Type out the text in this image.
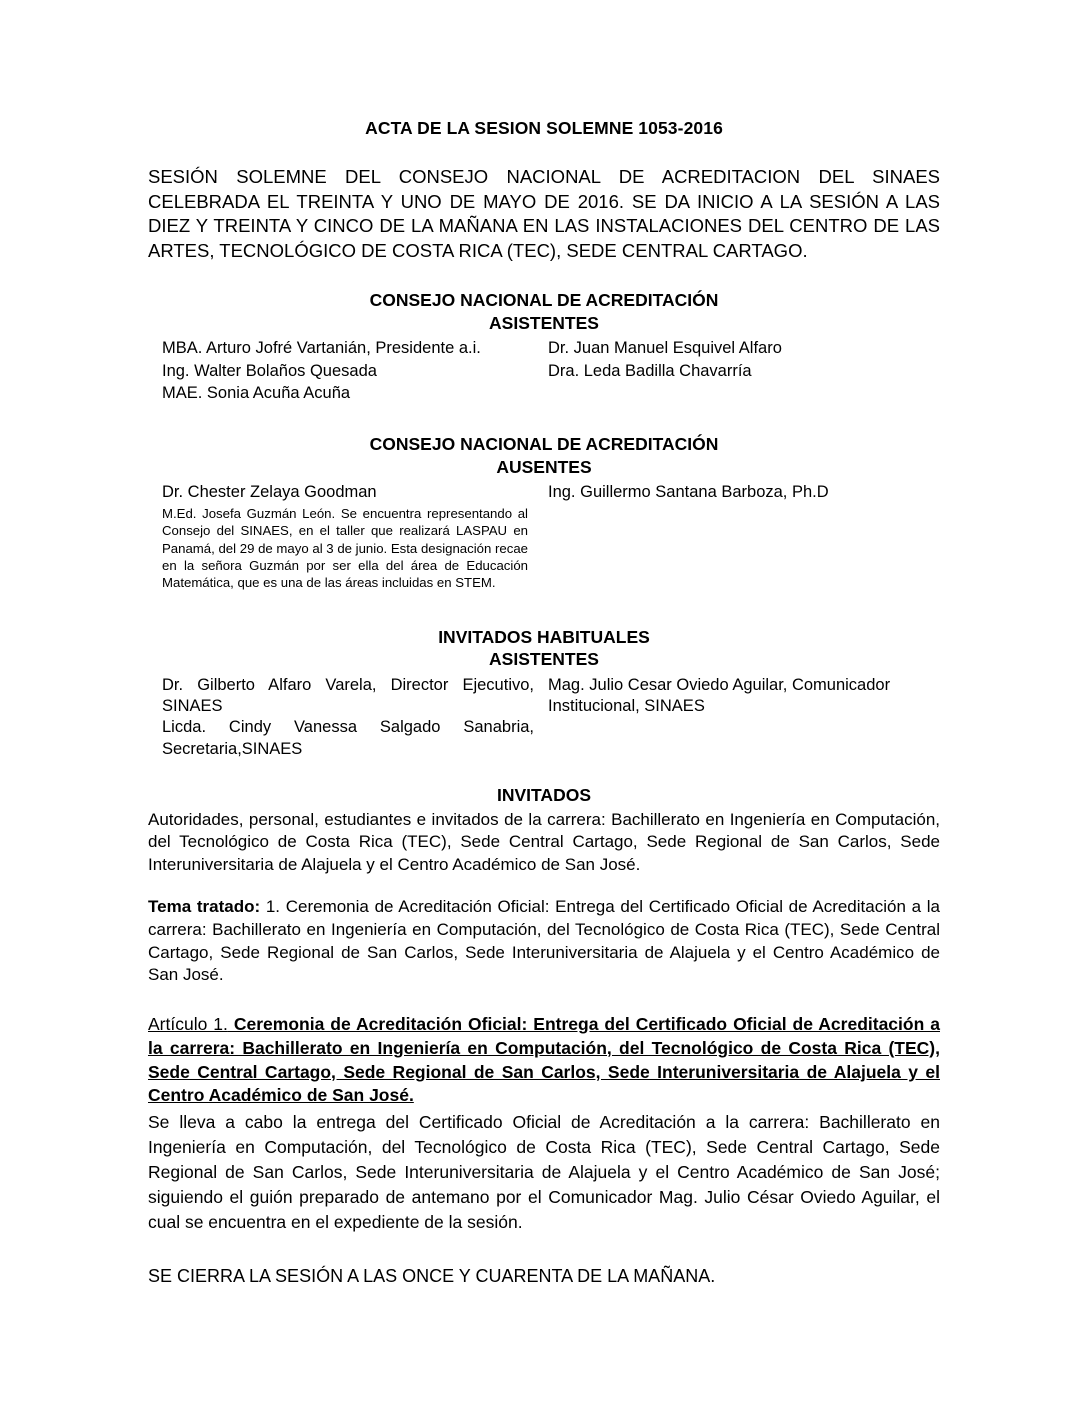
ACTA DE LA SESION SOLEMNE 1053-2016

SESIÓN SOLEMNE DEL CONSEJO NACIONAL DE ACREDITACION DEL SINAES CELEBRADA EL TREINTA Y UNO DE MAYO DE 2016. SE DA INICIO A LA SESIÓN A LAS DIEZ Y TREINTA Y CINCO DE LA MAÑANA EN LAS INSTALACIONES DEL CENTRO DE LAS ARTES, TECNOLÓGICO DE COSTA RICA (TEC), SEDE CENTRAL CARTAGO.

CONSEJO NACIONAL DE ACREDITACIÓN
ASISTENTES

MBA. Arturo Jofré Vartanián, Presidente a.i.

Ing. Walter Bolaños Quesada

MAE. Sonia Acuña Acuña

Dr. Juan Manuel Esquivel Alfaro

Dra. Leda Badilla Chavarría

CONSEJO NACIONAL DE ACREDITACIÓN
AUSENTES

Dr. Chester Zelaya Goodman

M.Ed. Josefa Guzmán León. Se encuentra representando al Consejo del SINAES, en el taller que realizará LASPAU en Panamá, del 29 de mayo al 3 de junio. Esta designación recae en la señora Guzmán por ser ella del área de Educación Matemática, que es una de las áreas incluidas en STEM.

Ing. Guillermo Santana Barboza, Ph.D

INVITADOS HABITUALES
ASISTENTES

Dr. Gilberto Alfaro Varela, Director Ejecutivo, SINAES

Licda. Cindy Vanessa Salgado Sanabria, Secretaria,SINAES

Mag. Julio Cesar Oviedo Aguilar, Comunicador Institucional, SINAES

INVITADOS

Autoridades, personal, estudiantes e invitados de la carrera: Bachillerato en Ingeniería en Computación, del Tecnológico de Costa Rica (TEC), Sede Central Cartago, Sede Regional de San Carlos, Sede Interuniversitaria de Alajuela y el Centro Académico de San José.

Tema tratado: 1. Ceremonia de Acreditación Oficial: Entrega del Certificado Oficial de Acreditación a la carrera: Bachillerato en Ingeniería en Computación, del Tecnológico de Costa Rica (TEC), Sede Central Cartago, Sede Regional de San Carlos, Sede Interuniversitaria de Alajuela y el Centro Académico de San José.

Artículo 1. Ceremonia de Acreditación Oficial: Entrega del Certificado Oficial de Acreditación a la carrera: Bachillerato en Ingeniería en Computación, del Tecnológico de Costa Rica (TEC), Sede Central Cartago, Sede Regional de San Carlos, Sede Interuniversitaria de Alajuela y el Centro Académico de San José.

Se lleva a cabo la entrega del Certificado Oficial de Acreditación a la carrera: Bachillerato en Ingeniería en Computación, del Tecnológico de Costa Rica (TEC), Sede Central Cartago, Sede Regional de San Carlos, Sede Interuniversitaria de Alajuela y el Centro Académico de San José; siguiendo el guión preparado de antemano por el Comunicador Mag. Julio César Oviedo Aguilar, el cual se encuentra en el expediente de la sesión.

SE CIERRA LA SESIÓN A LAS ONCE Y CUARENTA DE LA MAÑANA.
